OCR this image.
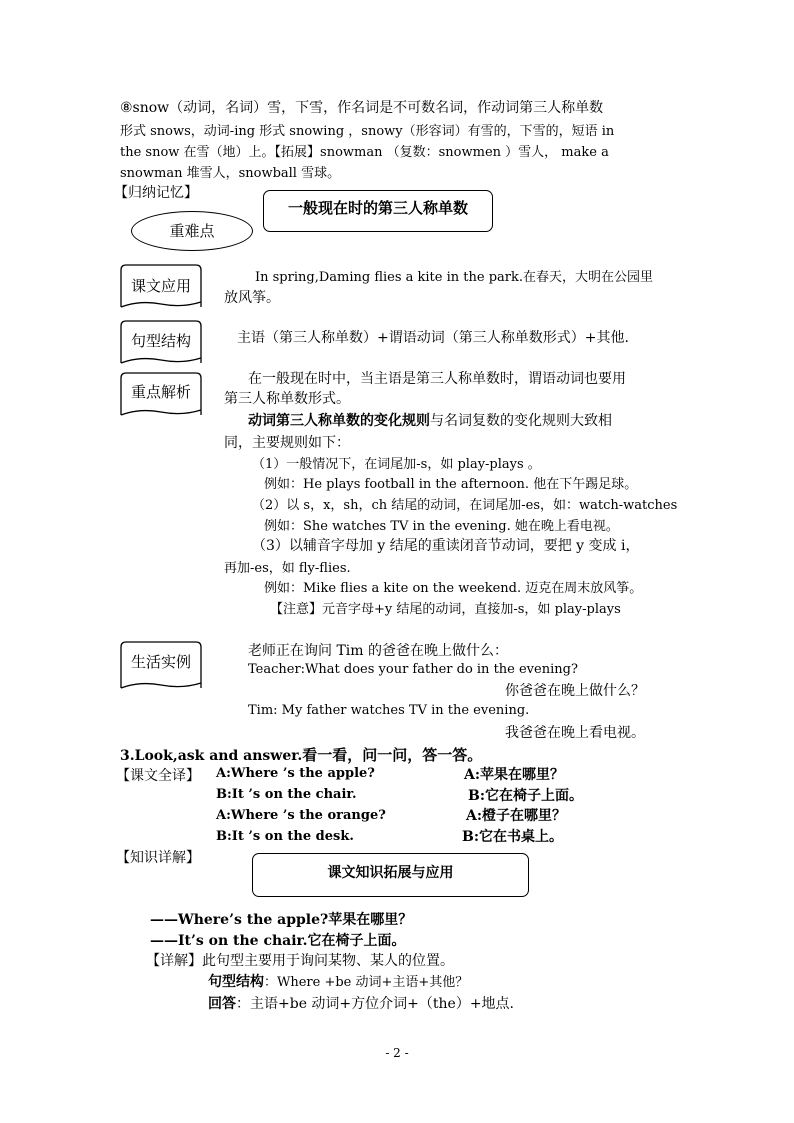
⑧snow（动词，名词）雪，下雪，作名词是不可数名词，作动词第三人称单数
形式 snows，动词-ing 形式 snowing ，snowy（形容词）有雪的，下雪的，短语 in
the snow 在雪（地）上。【拓展】snowman （复数：snowmen ）雪人， make a
snowman 堆雪人，snowball 雪球。
【归纳记忆】
一般现在时的第三人称单数
重难点
课文应用	In spring,Daming flies a kite in the park.在春天，大明在公园里
放风筝。
句型结构	主语（第三人称单数）+谓语动词（第三人称单数形式）+其他.
重点解析
在一般现在时中，当主语是第三人称单数时，谓语动词也要用
第三人称单数形式。
动词第三人称单数的变化规则与名词复数的变化规则大致相
同，主要规则如下：
（1）一般情况下，在词尾加-s，如 play-plays 。
例如：He plays football in the afternoon. 他在下午踢足球。
（2）以 s，x，sh，ch 结尾的动词，在词尾加-es，如：watch-watches
例如：She watches TV in the evening. 她在晚上看电视。
（3）以辅音字母加 y 结尾的重读闭音节动词，要把 y 变成 i，
再加-es，如 fly-flies.
例如：Mike flies a kite on the weekend. 迈克在周末放风筝。
【注意】元音字母+y 结尾的动词，直接加-s，如 play-plays
生活实例
老师正在询问 Tim 的爸爸在晚上做什么：
Teacher:What does your father do in the evening?
你爸爸在晚上做什么？
Tim: My father watches TV in the evening.
我爸爸在晚上看电视。
3.Look,ask and answer.看一看，问一问，答一答。
【课文全译】 A:Where ’s the apple?	A:苹果在哪里？
B:It ’s on the chair.	B:它在椅子上面。
A:Where ’s the orange?	A:橙子在哪里？
B:It ’s on the desk.	B:它在书桌上。
【知识详解】
课文知识拓展与应用
——Where’s the apple?苹果在哪里？
——It’s on the chair.它在椅子上面。
【详解】此句型主要用于询问某物、某人的位置。
句型结构：Where +be 动词+主语+其他？
回答：主语+be 动词+方位介词+（the）+地点.
- 2 -
